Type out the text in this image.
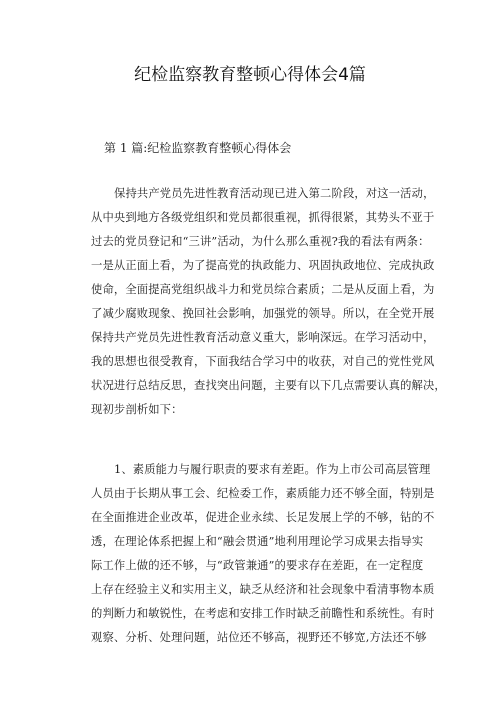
纪检监察教育整顿心得体会4篇
第 1 篇:纪检监察教育整顿心得体会
保持共产党员先进性教育活动现已进入第二阶段，对这一活动，
从中央到地方各级党组织和党员都很重视，抓得很紧，其势头不亚于
过去的党员登记和“三讲”活动，为什么那么重视?我的看法有两条：
一是从正面上看，为了提高党的执政能力、巩固执政地位、完成执政
使命，全面提高党组织战斗力和党员综合素质；二是从反面上看，为
了减少腐败现象、挽回社会影响，加强党的领导。所以，在全党开展
保持共产党员先进性教育活动意义重大，影响深远。在学习活动中，
我的思想也很受教育，下面我结合学习中的收获，对自己的党性党风
状况进行总结反思，查找突出问题，主要有以下几点需要认真的解决，
现初步剖析如下：
1、素质能力与履行职责的要求有差距。作为上市公司高层管理
人员由于长期从事工会、纪检委工作，素质能力还不够全面，特别是
在全面推进企业改革，促进企业永续、长足发展上学的不够，钻的不
透，在理论体系把握上和“融会贯通”地利用理论学习成果去指导实
际工作上做的还不够，与“政管兼通”的要求存在差距，在一定程度
上存在经验主义和实用主义，缺乏从经济和社会现象中看清事物本质
的判断力和敏锐性，在考虑和安排工作时缺乏前瞻性和系统性。有时
观察、分析、处理问题，站位还不够高，视野还不够宽,方法还不够
